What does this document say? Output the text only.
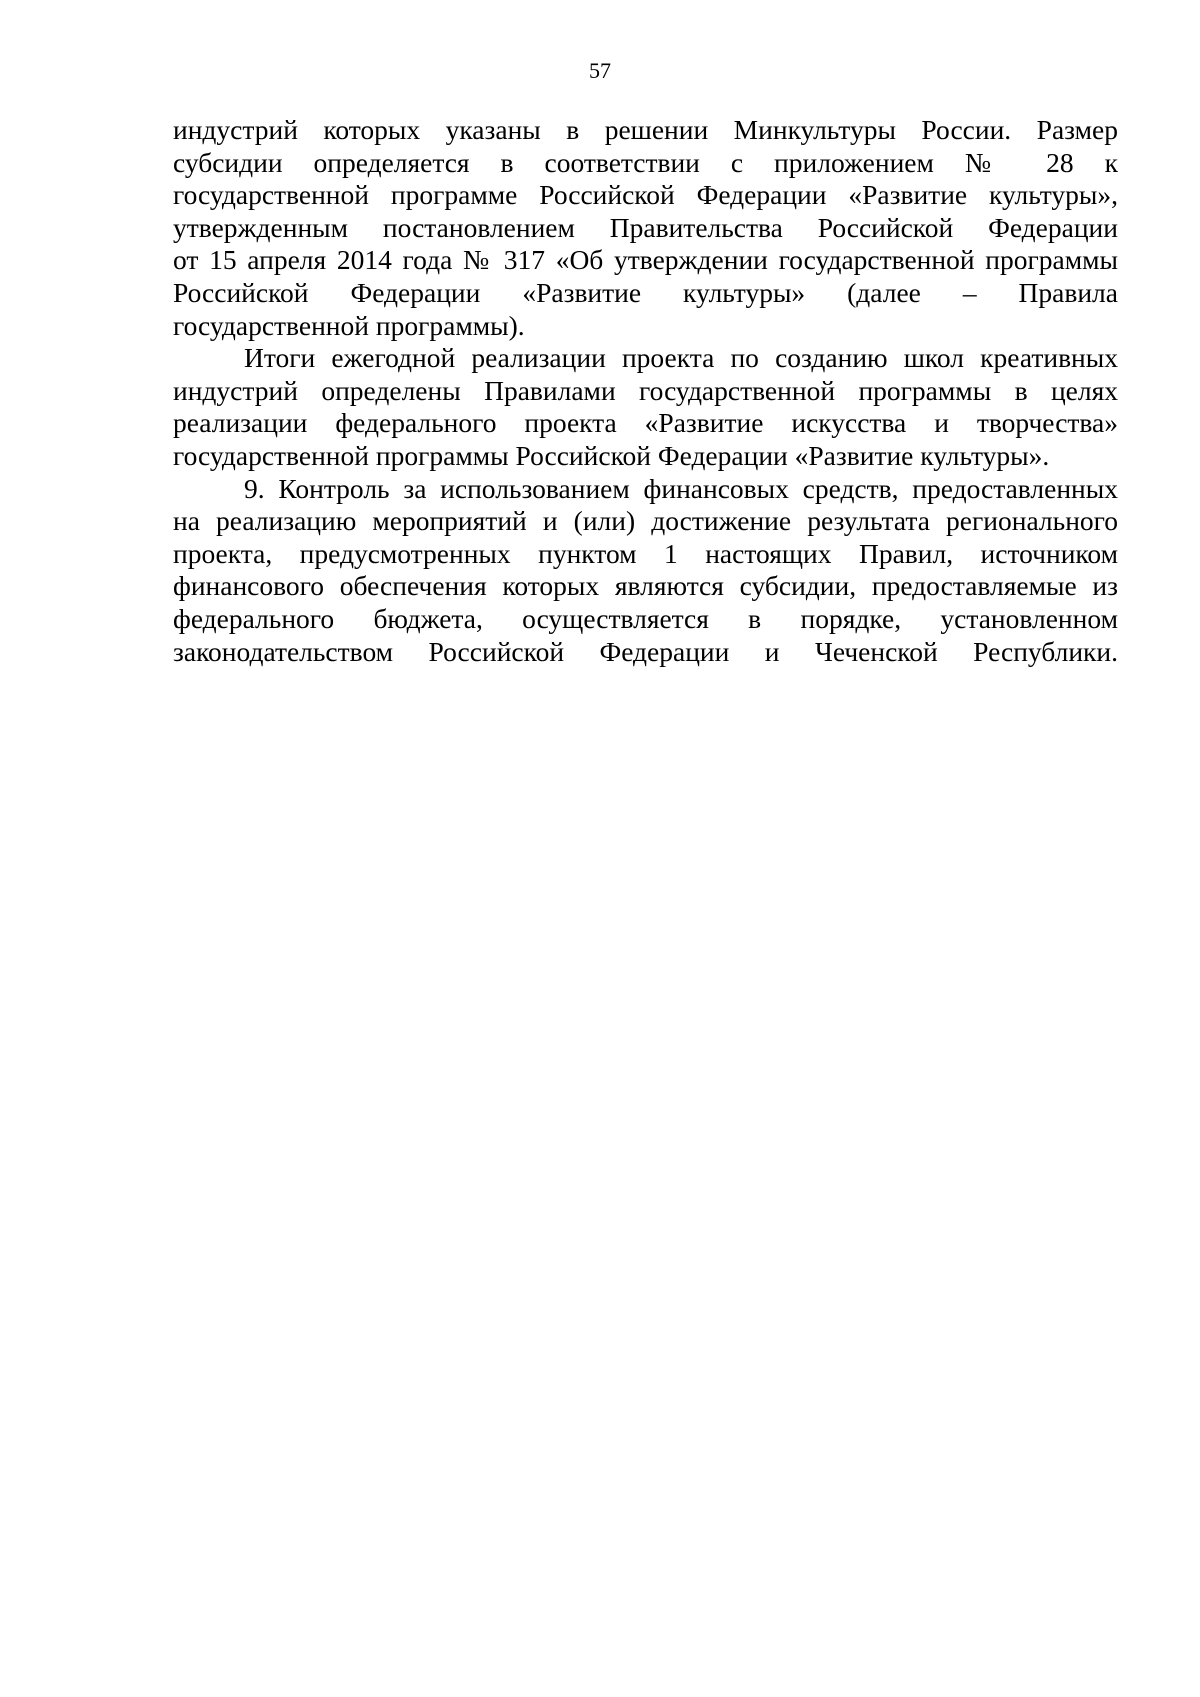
57
индустрий которых указаны в решении Минкультуры России. Размер
субсидии определяется в соответствии с приложением № 28 к
государственной программе Российской Федерации «Развитие культуры»,
утвержденным постановлением Правительства Российской Федерации
от 15 апреля 2014 года № 317 «Об утверждении государственной программы
Российской Федерации «Развитие культуры» (далее – Правила
государственной программы).
Итоги ежегодной реализации проекта по созданию школ креативных
индустрий определены Правилами государственной программы в целях
реализации федерального проекта «Развитие искусства и творчества»
государственной программы Российской Федерации «Развитие культуры».
9. Контроль за использованием финансовых средств, предоставленных
на реализацию мероприятий и (или) достижение результата регионального
проекта, предусмотренных пунктом 1 настоящих Правил, источником
финансового обеспечения которых являются субсидии, предоставляемые из
федерального бюджета, осуществляется в порядке, установленном
законодательством Российской Федерации и Чеченской Республики.
